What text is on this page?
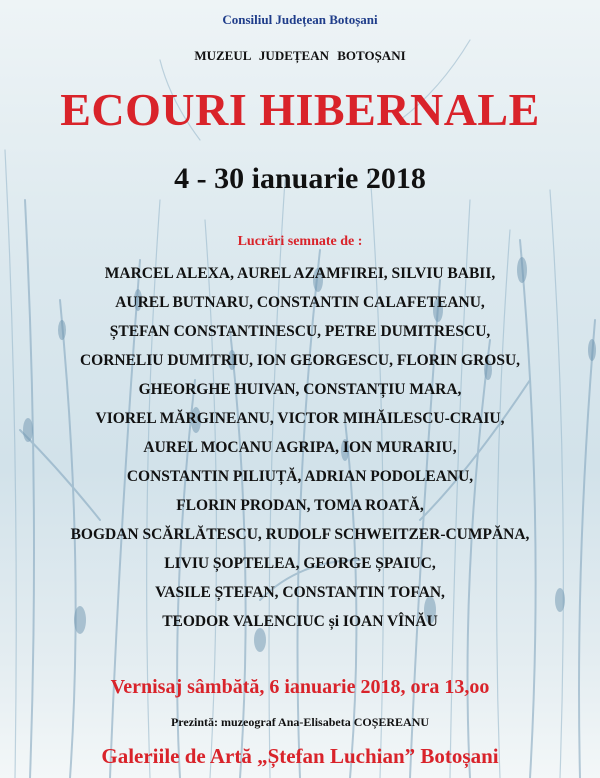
Consiliul Județean Botoșani
MUZEUL JUDEȚEAN BOTOȘANI
ECOURI HIBERNALE
4 - 30 ianuarie 2018
Lucrări semnate de :
MARCEL ALEXA, AUREL AZAMFIREI, SILVIU BABII,
AUREL BUTNARU, CONSTANTIN CALAFETEANU,
ȘTEFAN CONSTANTINESCU, PETRE DUMITRESCU,
CORNELIU DUMITRIU, ION GEORGESCU, FLORIN GROSU,
GHEORGHE HUIVAN, CONSTANȚIU MARA,
VIOREL MĂRGINEANU, VICTOR MIHĂILESCU-CRAIU,
AUREL MOCANU AGRIPA, ION MURARIU,
CONSTANTIN PILIUȚĂ, ADRIAN PODOLEANU,
FLORIN PRODAN, TOMA ROATĂ,
BOGDAN SCĂRLĂTESCU, RUDOLF SCHWEITZER-CUMPĂNA,
LIVIU ȘOPTELEA, GEORGE ȘPAIUC,
VASILE ȘTEFAN, CONSTANTIN TOFAN,
TEODOR VALENCIUC și IOAN VÎNĂU
Vernisaj sâmbătă, 6 ianuarie 2018, ora 13,oo
Prezintă: muzeograf Ana-Elisabeta COȘEREANU
Galeriile de Artă „Ștefan Luchian” Botoșani
